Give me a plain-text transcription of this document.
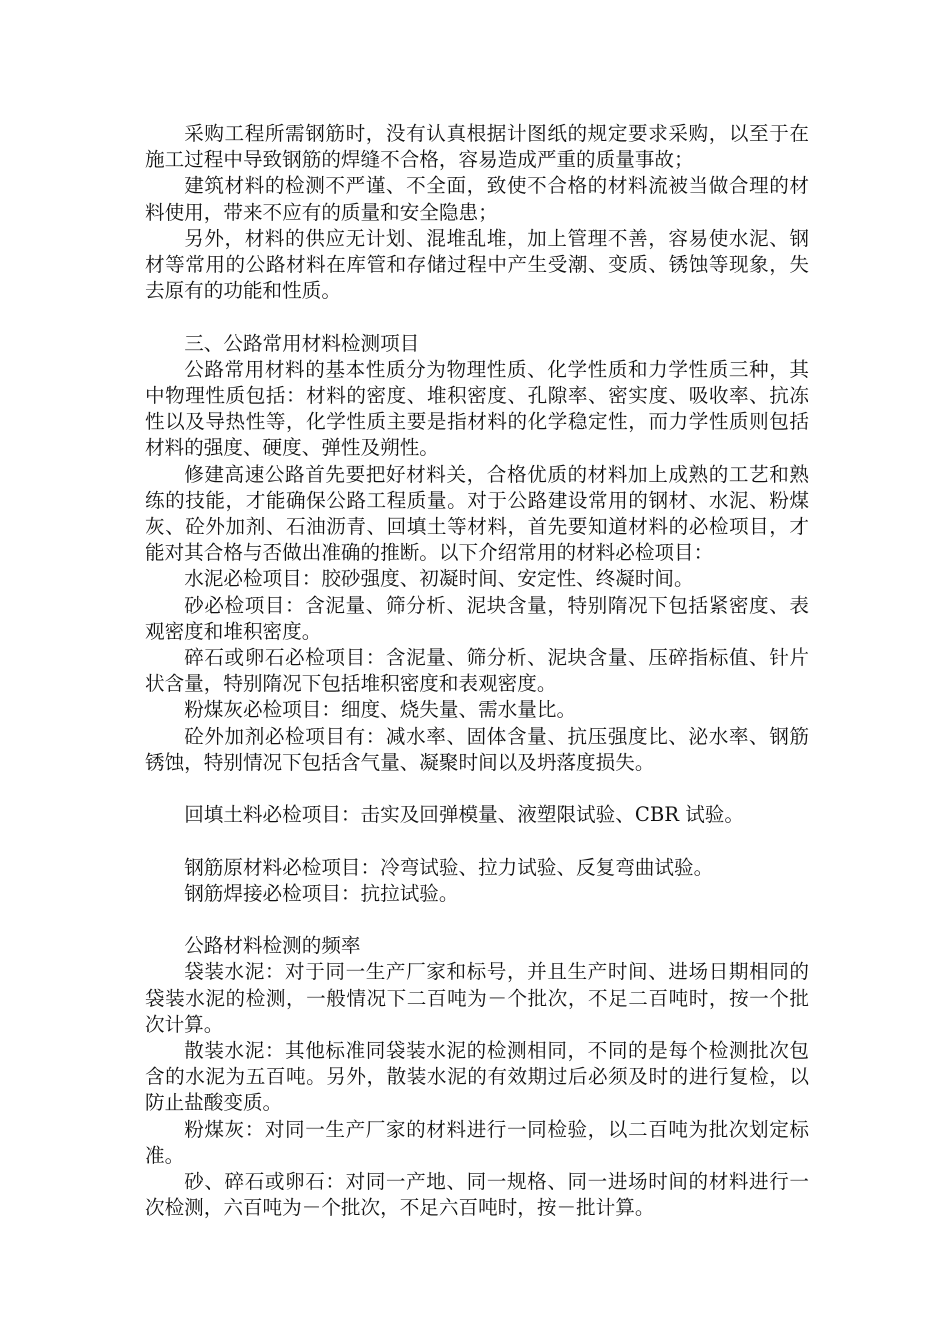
采购工程所需钢筋时，没有认真根据计图纸的规定要求采购，以至于在施工过程中导致钢筋的焊缝不合格，容易造成严重的质量事故；

建筑材料的检测不严谨、不全面，致使不合格的材料流被当做合理的材料使用，带来不应有的质量和安全隐患；

另外，材料的供应无计划、混堆乱堆，加上管理不善，容易使水泥、钢材等常用的公路材料在库管和存储过程中产生受潮、变质、锈蚀等现象，失去原有的功能和性质。

三、公路常用材料检测项目

公路常用材料的基本性质分为物理性质、化学性质和力学性质三种，其中物理性质包括：材料的密度、堆积密度、孔隙率、密实度、吸收率、抗冻性以及导热性等，化学性质主要是指材料的化学稳定性，而力学性质则包括材料的强度、硬度、弹性及朔性。

修建高速公路首先要把好材料关，合格优质的材料加上成熟的工艺和熟练的技能，才能确保公路工程质量。对于公路建设常用的钢材、水泥、粉煤灰、砼外加剂、石油沥青、回填土等材料，首先要知道材料的必检项目，才能对其合格与否做出准确的推断。以下介绍常用的材料必检项目：

水泥必检项目：胶砂强度、初凝时间、安定性、终凝时间。

砂必检项目：含泥量、筛分析、泥块含量，特别隋况下包括紧密度、表观密度和堆积密度。

碎石或卵石必检项目：含泥量、筛分析、泥块含量、压碎指标值、针片状含量，特别隋况下包括堆积密度和表观密度。

粉煤灰必检项目：细度、烧失量、需水量比。

砼外加剂必检项目有：减水率、固体含量、抗压强度比、泌水率、钢筋锈蚀，特别情况下包括含气量、凝聚时间以及坍落度损失。

回填土料必检项目：击实及回弹模量、液塑限试验、CBR 试验。

钢筋原材料必检项目：冷弯试验、拉力试验、反复弯曲试验。

钢筋焊接必检项目：抗拉试验。

公路材料检测的频率

袋装水泥：对于同一生产厂家和标号，并且生产时间、进场日期相同的袋装水泥的检测，一般情况下二百吨为－个批次，不足二百吨时，按一个批次计算。

散装水泥：其他标准同袋装水泥的检测相同，不同的是每个检测批次包含的水泥为五百吨。另外，散装水泥的有效期过后必须及时的进行复检，以防止盐酸变质。

粉煤灰：对同一生产厂家的材料进行一同检验，以二百吨为批次划定标准。

砂、碎石或卵石：对同一产地、同一规格、同一进场时间的材料进行一次检测，六百吨为－个批次，不足六百吨时，按－批计算。
